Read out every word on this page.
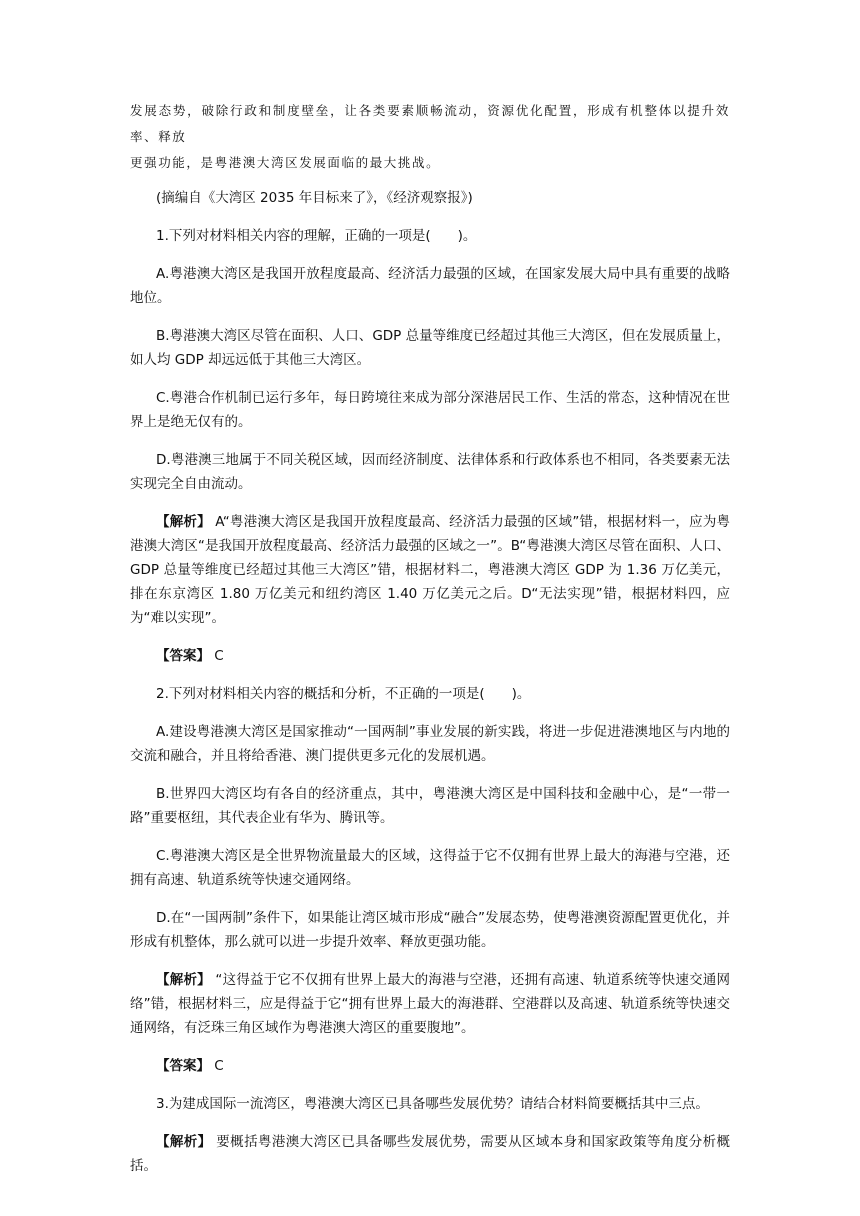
发展态势，破除行政和制度壁垒，让各类要素顺畅流动，资源优化配置，形成有机整体以提升效率、释放

更强功能，是粤港澳大湾区发展面临的最大挑战。

(摘编自《大湾区 2035 年目标来了》，《经济观察报》)

1.下列对材料相关内容的理解，正确的一项是(　　)。

A.粤港澳大湾区是我国开放程度最高、经济活力最强的区域，在国家发展大局中具有重要的战略地位。

B.粤港澳大湾区尽管在面积、人口、GDP 总量等维度已经超过其他三大湾区，但在发展质量上，如人均 GDP 却远远低于其他三大湾区。

C.粤港合作机制已运行多年，每日跨境往来成为部分深港居民工作、生活的常态，这种情况在世界上是绝无仅有的。

D.粤港澳三地属于不同关税区域，因而经济制度、法律体系和行政体系也不相同，各类要素无法实现完全自由流动。

【解析】 A“粤港澳大湾区是我国开放程度最高、经济活力最强的区域”错，根据材料一，应为粤港澳大湾区“是我国开放程度最高、经济活力最强的区域之一”。B“粤港澳大湾区尽管在面积、人口、GDP 总量等维度已经超过其他三大湾区”错，根据材料二，粤港澳大湾区 GDP 为 1.36 万亿美元，排在东京湾区 1.80 万亿美元和纽约湾区 1.40 万亿美元之后。D“无法实现”错，根据材料四，应为“难以实现”。

【答案】 C

2.下列对材料相关内容的概括和分析，不正确的一项是(　　)。

A.建设粤港澳大湾区是国家推动“一国两制”事业发展的新实践，将进一步促进港澳地区与内地的交流和融合，并且将给香港、澳门提供更多元化的发展机遇。

B.世界四大湾区均有各自的经济重点，其中，粤港澳大湾区是中国科技和金融中心，是“一带一路”重要枢纽，其代表企业有华为、腾讯等。

C.粤港澳大湾区是全世界物流量最大的区域，这得益于它不仅拥有世界上最大的海港与空港，还拥有高速、轨道系统等快速交通网络。

D.在“一国两制”条件下，如果能让湾区城市形成“融合”发展态势，使粤港澳资源配置更优化，并形成有机整体，那么就可以进一步提升效率、释放更强功能。

【解析】 “这得益于它不仅拥有世界上最大的海港与空港，还拥有高速、轨道系统等快速交通网络”错，根据材料三，应是得益于它“拥有世界上最大的海港群、空港群以及高速、轨道系统等快速交通网络，有泛珠三角区域作为粤港澳大湾区的重要腹地”。

【答案】 C

3.为建成国际一流湾区，粤港澳大湾区已具备哪些发展优势？请结合材料简要概括其中三点。

【解析】 要概括粤港澳大湾区已具备哪些发展优势，需要从区域本身和国家政策等角度分析概括。
